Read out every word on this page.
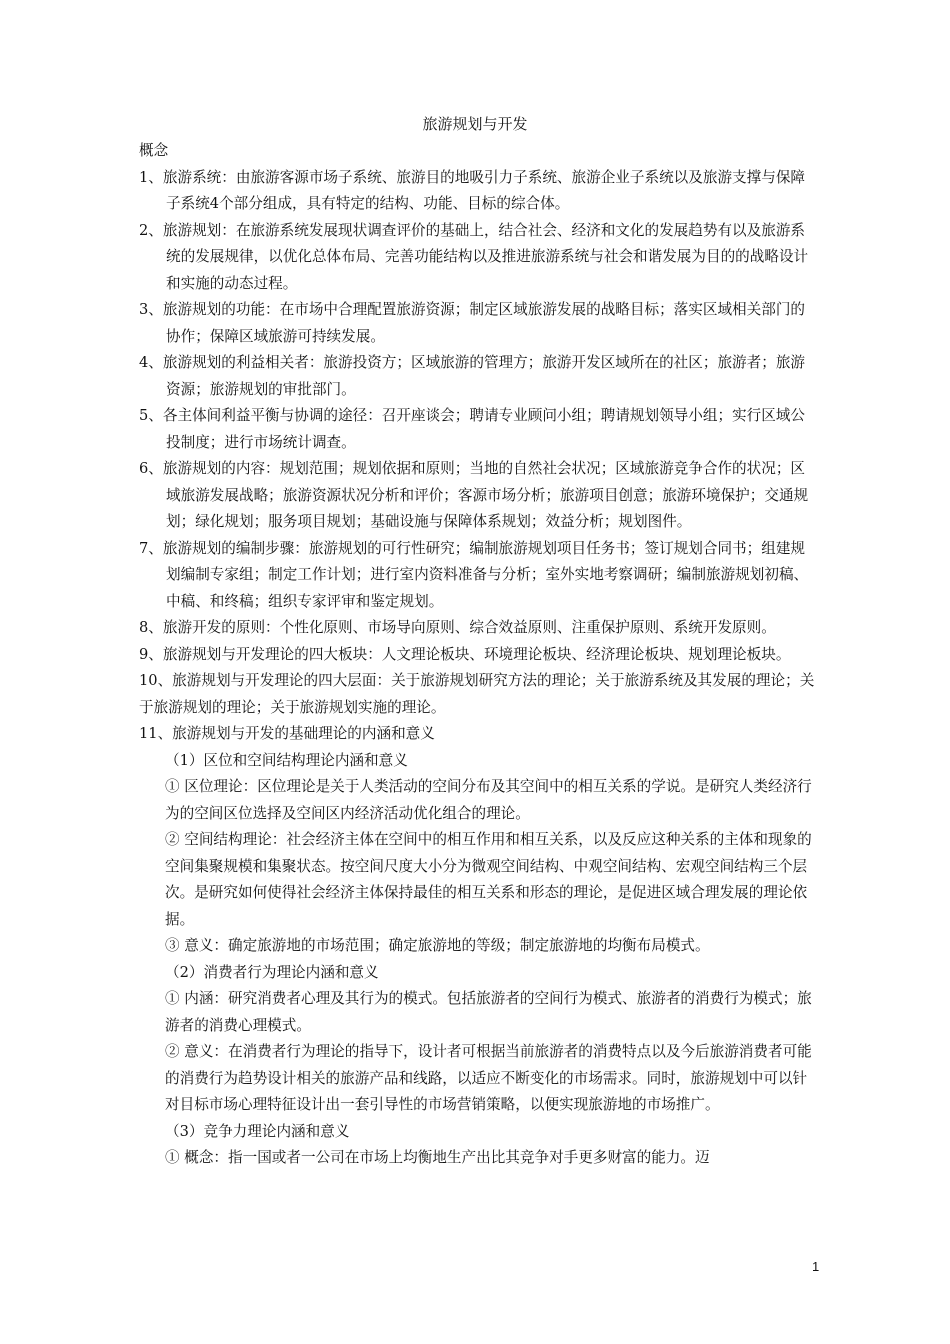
旅游规划与开发

概念

1、旅游系统：由旅游客源市场子系统、旅游目的地吸引力子系统、旅游企业子系统以及旅游支撑与保障子系统4个部分组成，具有特定的结构、功能、目标的综合体。

2、旅游规划：在旅游系统发展现状调查评价的基础上，结合社会、经济和文化的发展趋势有以及旅游系统的发展规律，以优化总体布局、完善功能结构以及推进旅游系统与社会和谐发展为目的的战略设计和实施的动态过程。

3、旅游规划的功能：在市场中合理配置旅游资源；制定区域旅游发展的战略目标；落实区域相关部门的协作；保障区域旅游可持续发展。

4、旅游规划的利益相关者：旅游投资方；区域旅游的管理方；旅游开发区域所在的社区；旅游者；旅游资源；旅游规划的审批部门。

5、各主体间利益平衡与协调的途径：召开座谈会；聘请专业顾问小组；聘请规划领导小组；实行区域公投制度；进行市场统计调查。

6、旅游规划的内容：规划范围；规划依据和原则；当地的自然社会状况；区域旅游竞争合作的状况；区域旅游发展战略；旅游资源状况分析和评价；客源市场分析；旅游项目创意；旅游环境保护；交通规划；绿化规划；服务项目规划；基础设施与保障体系规划；效益分析；规划图件。

7、旅游规划的编制步骤：旅游规划的可行性研究；编制旅游规划项目任务书；签订规划合同书；组建规划编制专家组；制定工作计划；进行室内资料准备与分析；室外实地考察调研；编制旅游规划初稿、中稿、和终稿；组织专家评审和鉴定规划。

8、旅游开发的原则：个性化原则、市场导向原则、综合效益原则、注重保护原则、系统开发原则。

9、旅游规划与开发理论的四大板块：人文理论板块、环境理论板块、经济理论板块、规划理论板块。

10、旅游规划与开发理论的四大层面：关于旅游规划研究方法的理论；关于旅游系统及其发展的理论；关于旅游规划的理论；关于旅游规划实施的理论。

11、旅游规划与开发的基础理论的内涵和意义

（1）区位和空间结构理论内涵和意义

① 区位理论：区位理论是关于人类活动的空间分布及其空间中的相互关系的学说。是研究人类经济行为的空间区位选择及空间区内经济活动优化组合的理论。

② 空间结构理论：社会经济主体在空间中的相互作用和相互关系，以及反应这种关系的主体和现象的空间集聚规模和集聚状态。按空间尺度大小分为微观空间结构、中观空间结构、宏观空间结构三个层次。是研究如何使得社会经济主体保持最佳的相互关系和形态的理论，是促进区域合理发展的理论依据。

③ 意义：确定旅游地的市场范围；确定旅游地的等级；制定旅游地的均衡布局模式。

（2）消费者行为理论内涵和意义

① 内涵：研究消费者心理及其行为的模式。包括旅游者的空间行为模式、旅游者的消费行为模式；旅游者的消费心理模式。

② 意义：在消费者行为理论的指导下，设计者可根据当前旅游者的消费特点以及今后旅游消费者可能的消费行为趋势设计相关的旅游产品和线路，以适应不断变化的市场需求。同时，旅游规划中可以针对目标市场心理特征设计出一套引导性的市场营销策略，以便实现旅游地的市场推广。

（3）竞争力理论内涵和意义

① 概念：指一国或者一公司在市场上均衡地生产出比其竞争对手更多财富的能力。迈

1
